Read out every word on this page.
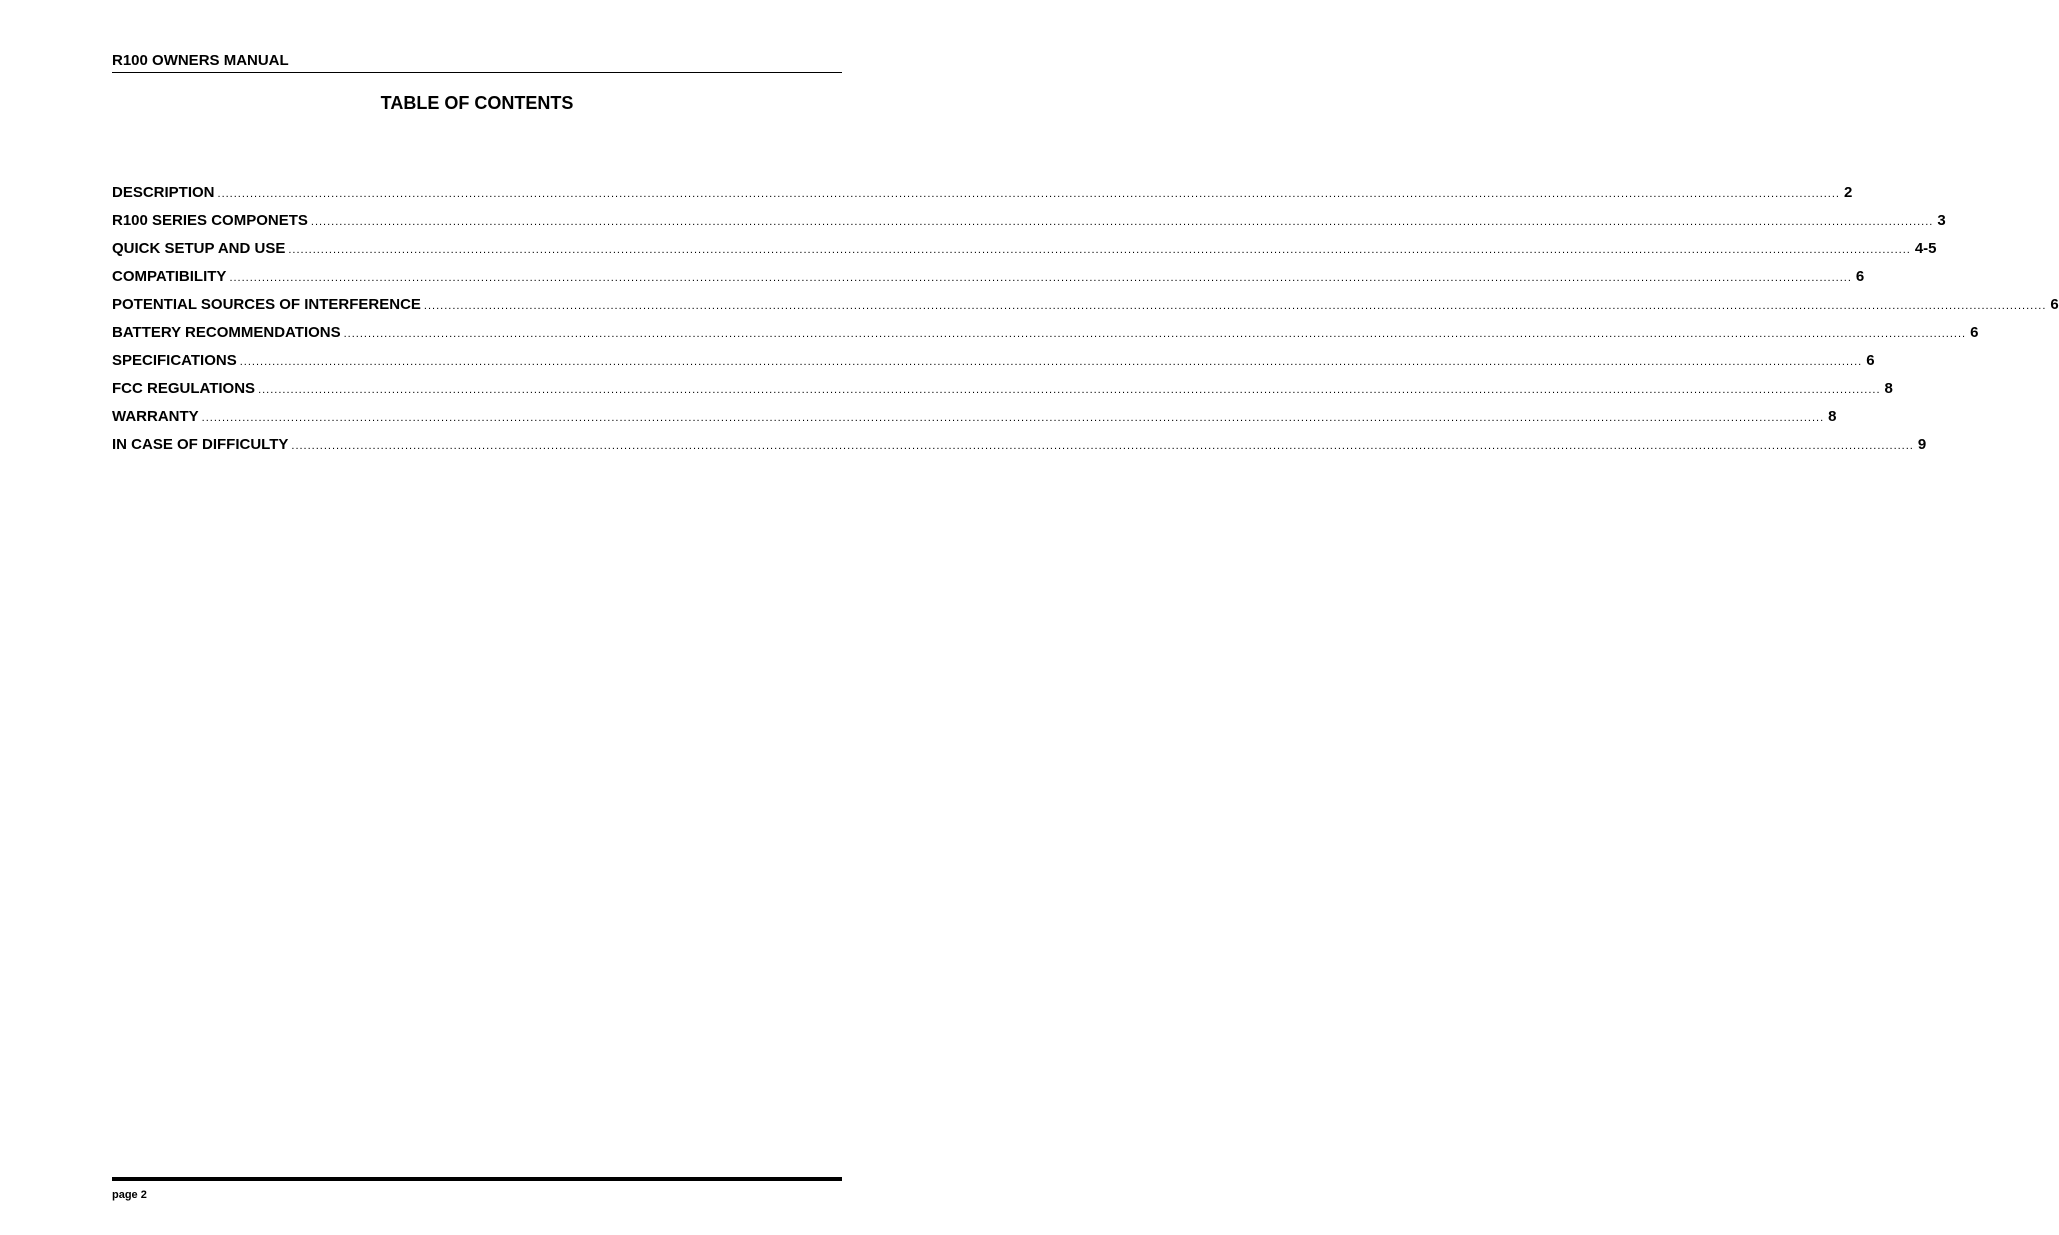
R100 OWNERS MANUAL
TABLE OF CONTENTS
DESCRIPTION ................................................................................................................................................................................................................................................................................................................................................................................................................ 2
R100 SERIES COMPONETS ................................................................................................................................................................................................................................................................................................................................................................................................................ 3
QUICK SETUP AND USE ................................................................................................................................................................................................................................................................................................................................................................................................................ 4-5
COMPATIBILITY ................................................................................................................................................................................................................................................................................................................................................................................................................ 6
POTENTIAL SOURCES OF INTERFERENCE ................................................................................................................................................................................................................................................................................................................................................................................................................ 6
BATTERY RECOMMENDATIONS ................................................................................................................................................................................................................................................................................................................................................................................................................ 6
SPECIFICATIONS ................................................................................................................................................................................................................................................................................................................................................................................................................ 6
FCC REGULATIONS ................................................................................................................................................................................................................................................................................................................................................................................................................ 8
WARRANTY ................................................................................................................................................................................................................................................................................................................................................................................................................ 8
IN CASE OF DIFFICULTY ................................................................................................................................................................................................................................................................................................................................................................................................................ 9
page 2
